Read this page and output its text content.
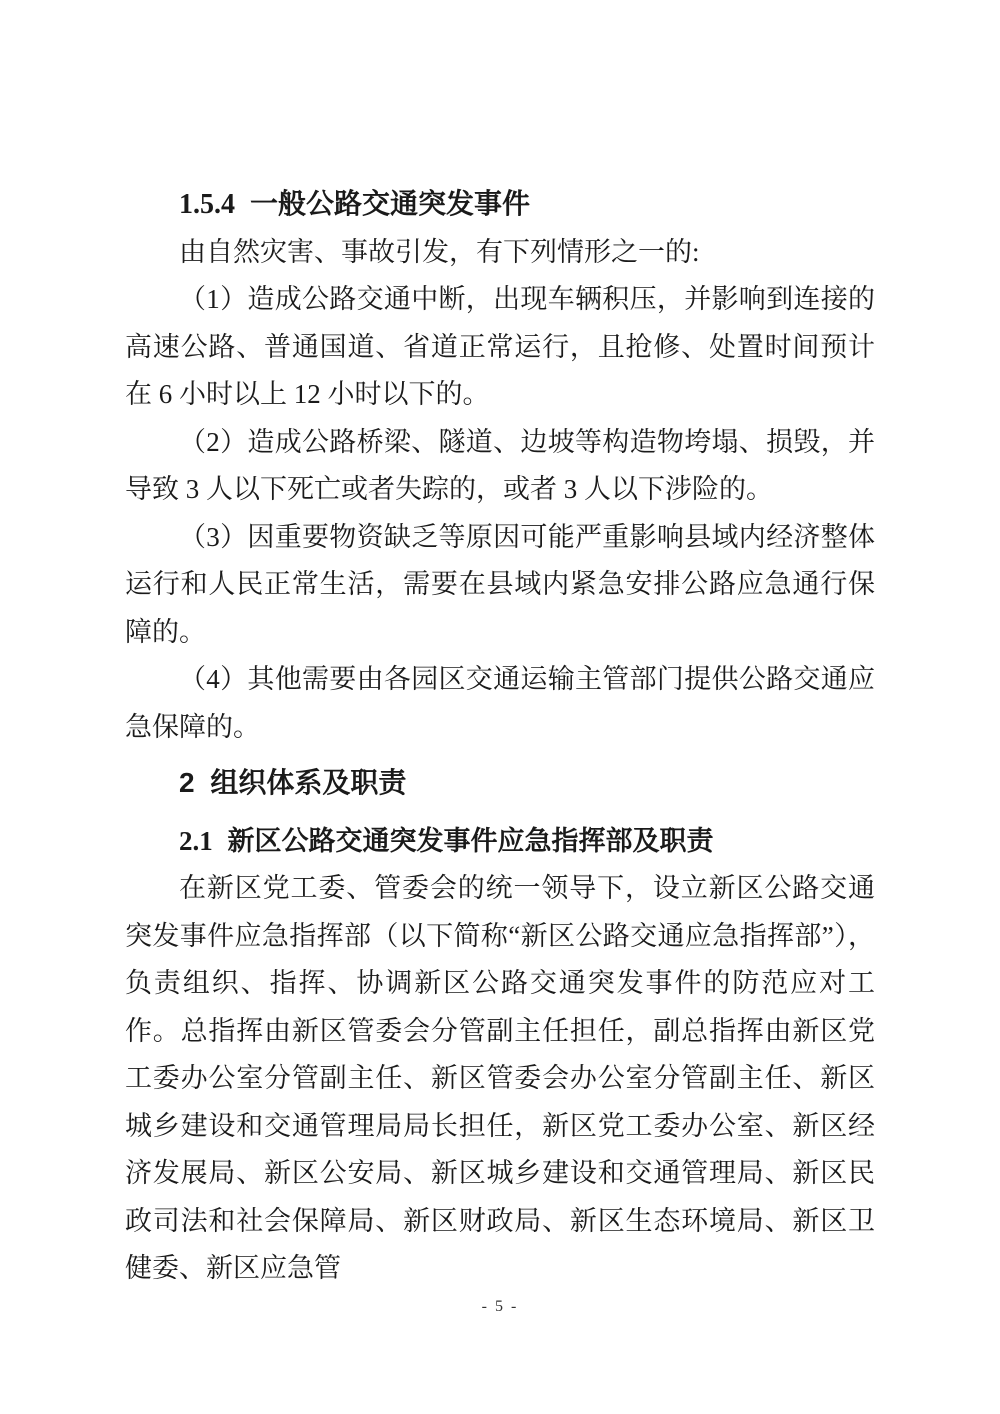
1.5.4 一般公路交通突发事件

由自然灾害、事故引发，有下列情形之一的:

（1）造成公路交通中断，出现车辆积压，并影响到连接的高速公路、普通国道、省道正常运行，且抢修、处置时间预计在 6 小时以上 12 小时以下的。

（2）造成公路桥梁、隧道、边坡等构造物垮塌、损毁，并导致 3 人以下死亡或者失踪的，或者 3 人以下涉险的。

（3）因重要物资缺乏等原因可能严重影响县域内经济整体运行和人民正常生活，需要在县域内紧急安排公路应急通行保障的。

（4）其他需要由各园区交通运输主管部门提供公路交通应急保障的。

2 组织体系及职责
2.1 新区公路交通突发事件应急指挥部及职责

在新区党工委、管委会的统一领导下，设立新区公路交通突发事件应急指挥部（以下简称“新区公路交通应急指挥部”），负责组织、指挥、协调新区公路交通突发事件的防范应对工作。总指挥由新区管委会分管副主任担任，副总指挥由新区党工委办公室分管副主任、新区管委会办公室分管副主任、新区城乡建设和交通管理局局长担任，新区党工委办公室、新区经济发展局、新区公安局、新区城乡建设和交通管理局、新区民政司法和社会保障局、新区财政局、新区生态环境局、新区卫健委、新区应急管

- 5 -
